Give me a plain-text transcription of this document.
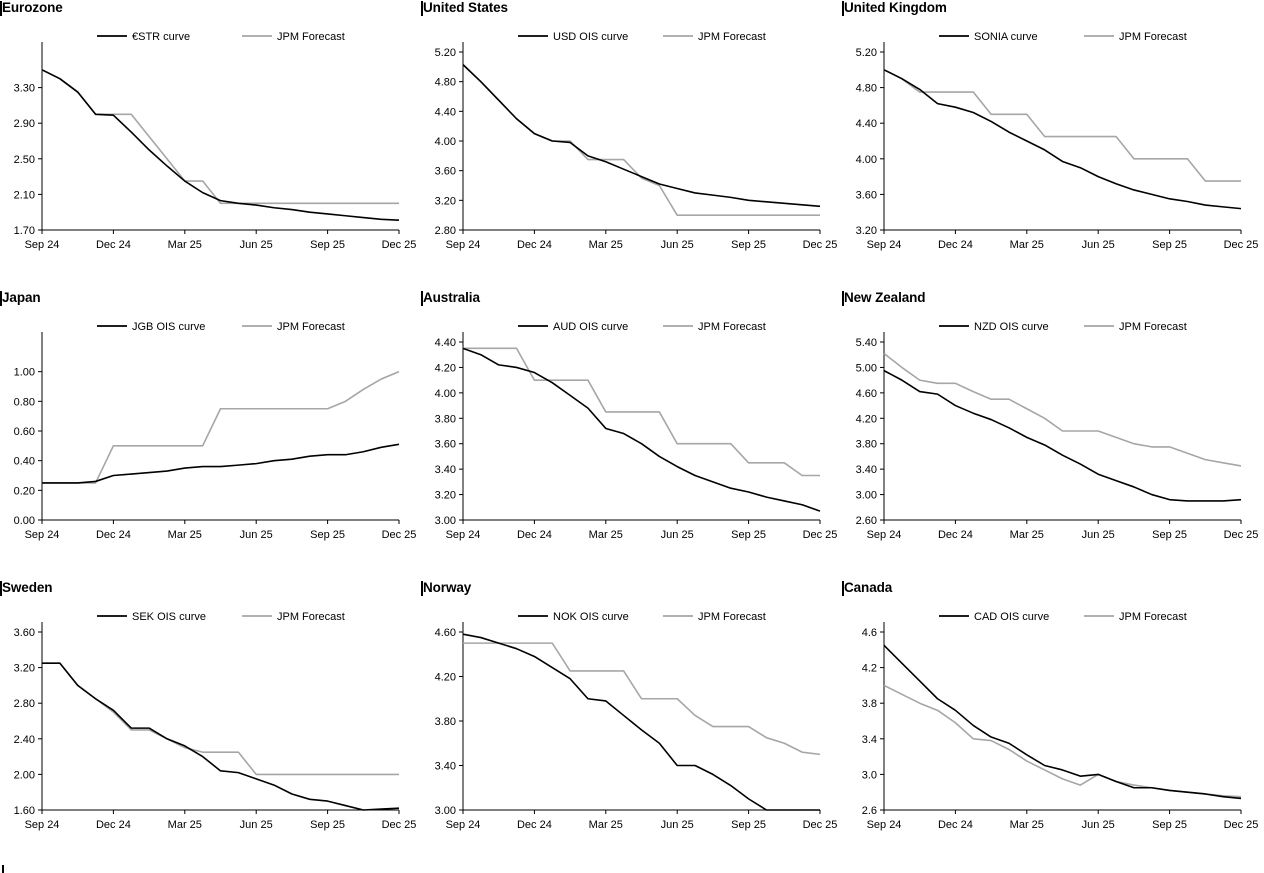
Eurozone
1.70
2.10
2.50
2.90
3.30
Sep 24	Dec 24	Mar 25	Jun 25	Sep 25	Dec 25
€STR curve	JPM Forecast
United States
2.80
3.20
3.60
4.00
4.40
4.80
5.20
Sep 24	Dec 24	Mar 25	Jun 25	Sep 25	Dec 25
USD OIS curve	JPM Forecast
United Kingdom
3.20
3.60
4.00
4.40
4.80
5.20
Sep 24	Dec 24	Mar 25	Jun 25	Sep 25	Dec 25
SONIA curve	JPM Forecast
Japan
0.00
0.20
0.40
0.60
0.80
1.00
Sep 24	Dec 24	Mar 25	Jun 25	Sep 25	Dec 25
JGB OIS curve	JPM Forecast
Australia
3.00
3.20
3.40
3.60
3.80
4.00
4.20
4.40
Sep 24	Dec 24	Mar 25	Jun 25	Sep 25	Dec 25
AUD OIS curve	JPM Forecast
New Zealand
2.60
3.00
3.40
3.80
4.20
4.60
5.00
5.40
Sep 24	Dec 24	Mar 25	Jun 25	Sep 25	Dec 25
NZD OIS curve	JPM Forecast
Sweden
1.60
2.00
2.40
2.80
3.20
3.60
Sep 24	Dec 24	Mar 25	Jun 25	Sep 25	Dec 25
SEK OIS curve	JPM Forecast
Norway
3.00
3.40
3.80
4.20
4.60
Sep 24	Dec 24	Mar 25	Jun 25	Sep 25	Dec 25
NOK OIS curve	JPM Forecast
Canada
2.6
3.0
3.4
3.8
4.2
4.6
Sep 24	Dec 24	Mar 25	Jun 25	Sep 25	Dec 25
CAD OIS curve	JPM Forecast
